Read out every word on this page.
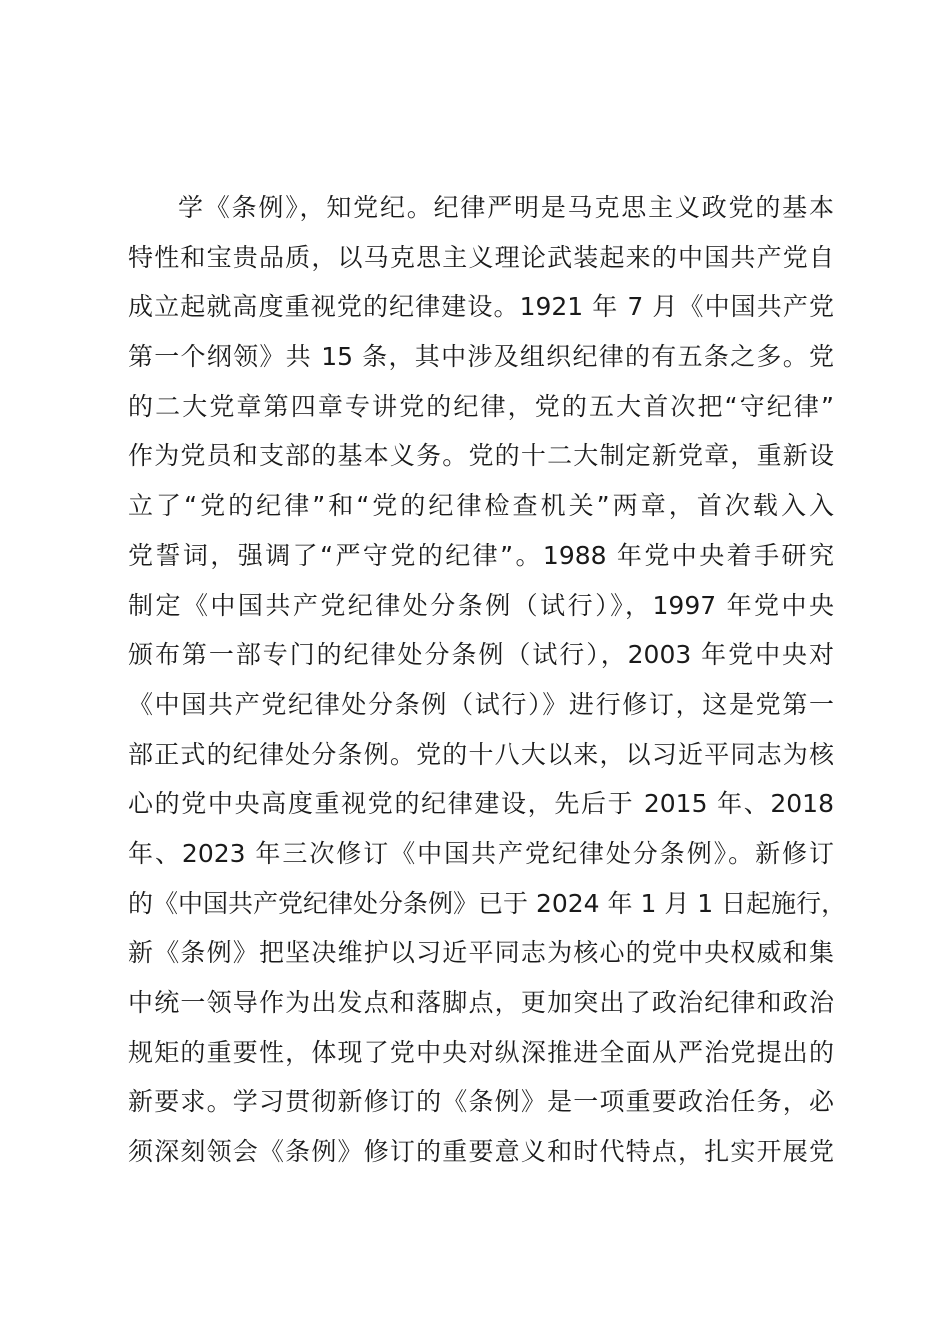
学《条例》，知党纪。纪律严明是马克思主义政党的基本
特性和宝贵品质，以马克思主义理论武装起来的中国共产党自
成立起就高度重视党的纪律建设。1921 年 7 月《中国共产党
第一个纲领》共 15 条，其中涉及组织纪律的有五条之多。党
的二大党章第四章专讲党的纪律，党的五大首次把“守纪律”
作为党员和支部的基本义务。党的十二大制定新党章，重新设
立了“党的纪律”和“党的纪律检查机关”两章，首次载入入
党誓词，强调了“严守党的纪律”。1988 年党中央着手研究
制定《中国共产党纪律处分条例（试行）》，1997 年党中央
颁布第一部专门的纪律处分条例（试行），2003 年党中央对
《中国共产党纪律处分条例（试行）》进行修订，这是党第一
部正式的纪律处分条例。党的十八大以来，以习近平同志为核
心的党中央高度重视党的纪律建设，先后于 2015 年、2018
年、2023 年三次修订《中国共产党纪律处分条例》。新修订
的《中国共产党纪律处分条例》已于 2024 年 1 月 1 日起施行，
新《条例》把坚决维护以习近平同志为核心的党中央权威和集
中统一领导作为出发点和落脚点，更加突出了政治纪律和政治
规矩的重要性，体现了党中央对纵深推进全面从严治党提出的
新要求。学习贯彻新修订的《条例》是一项重要政治任务，必
须深刻领会《条例》修订的重要意义和时代特点，扎实开展党
